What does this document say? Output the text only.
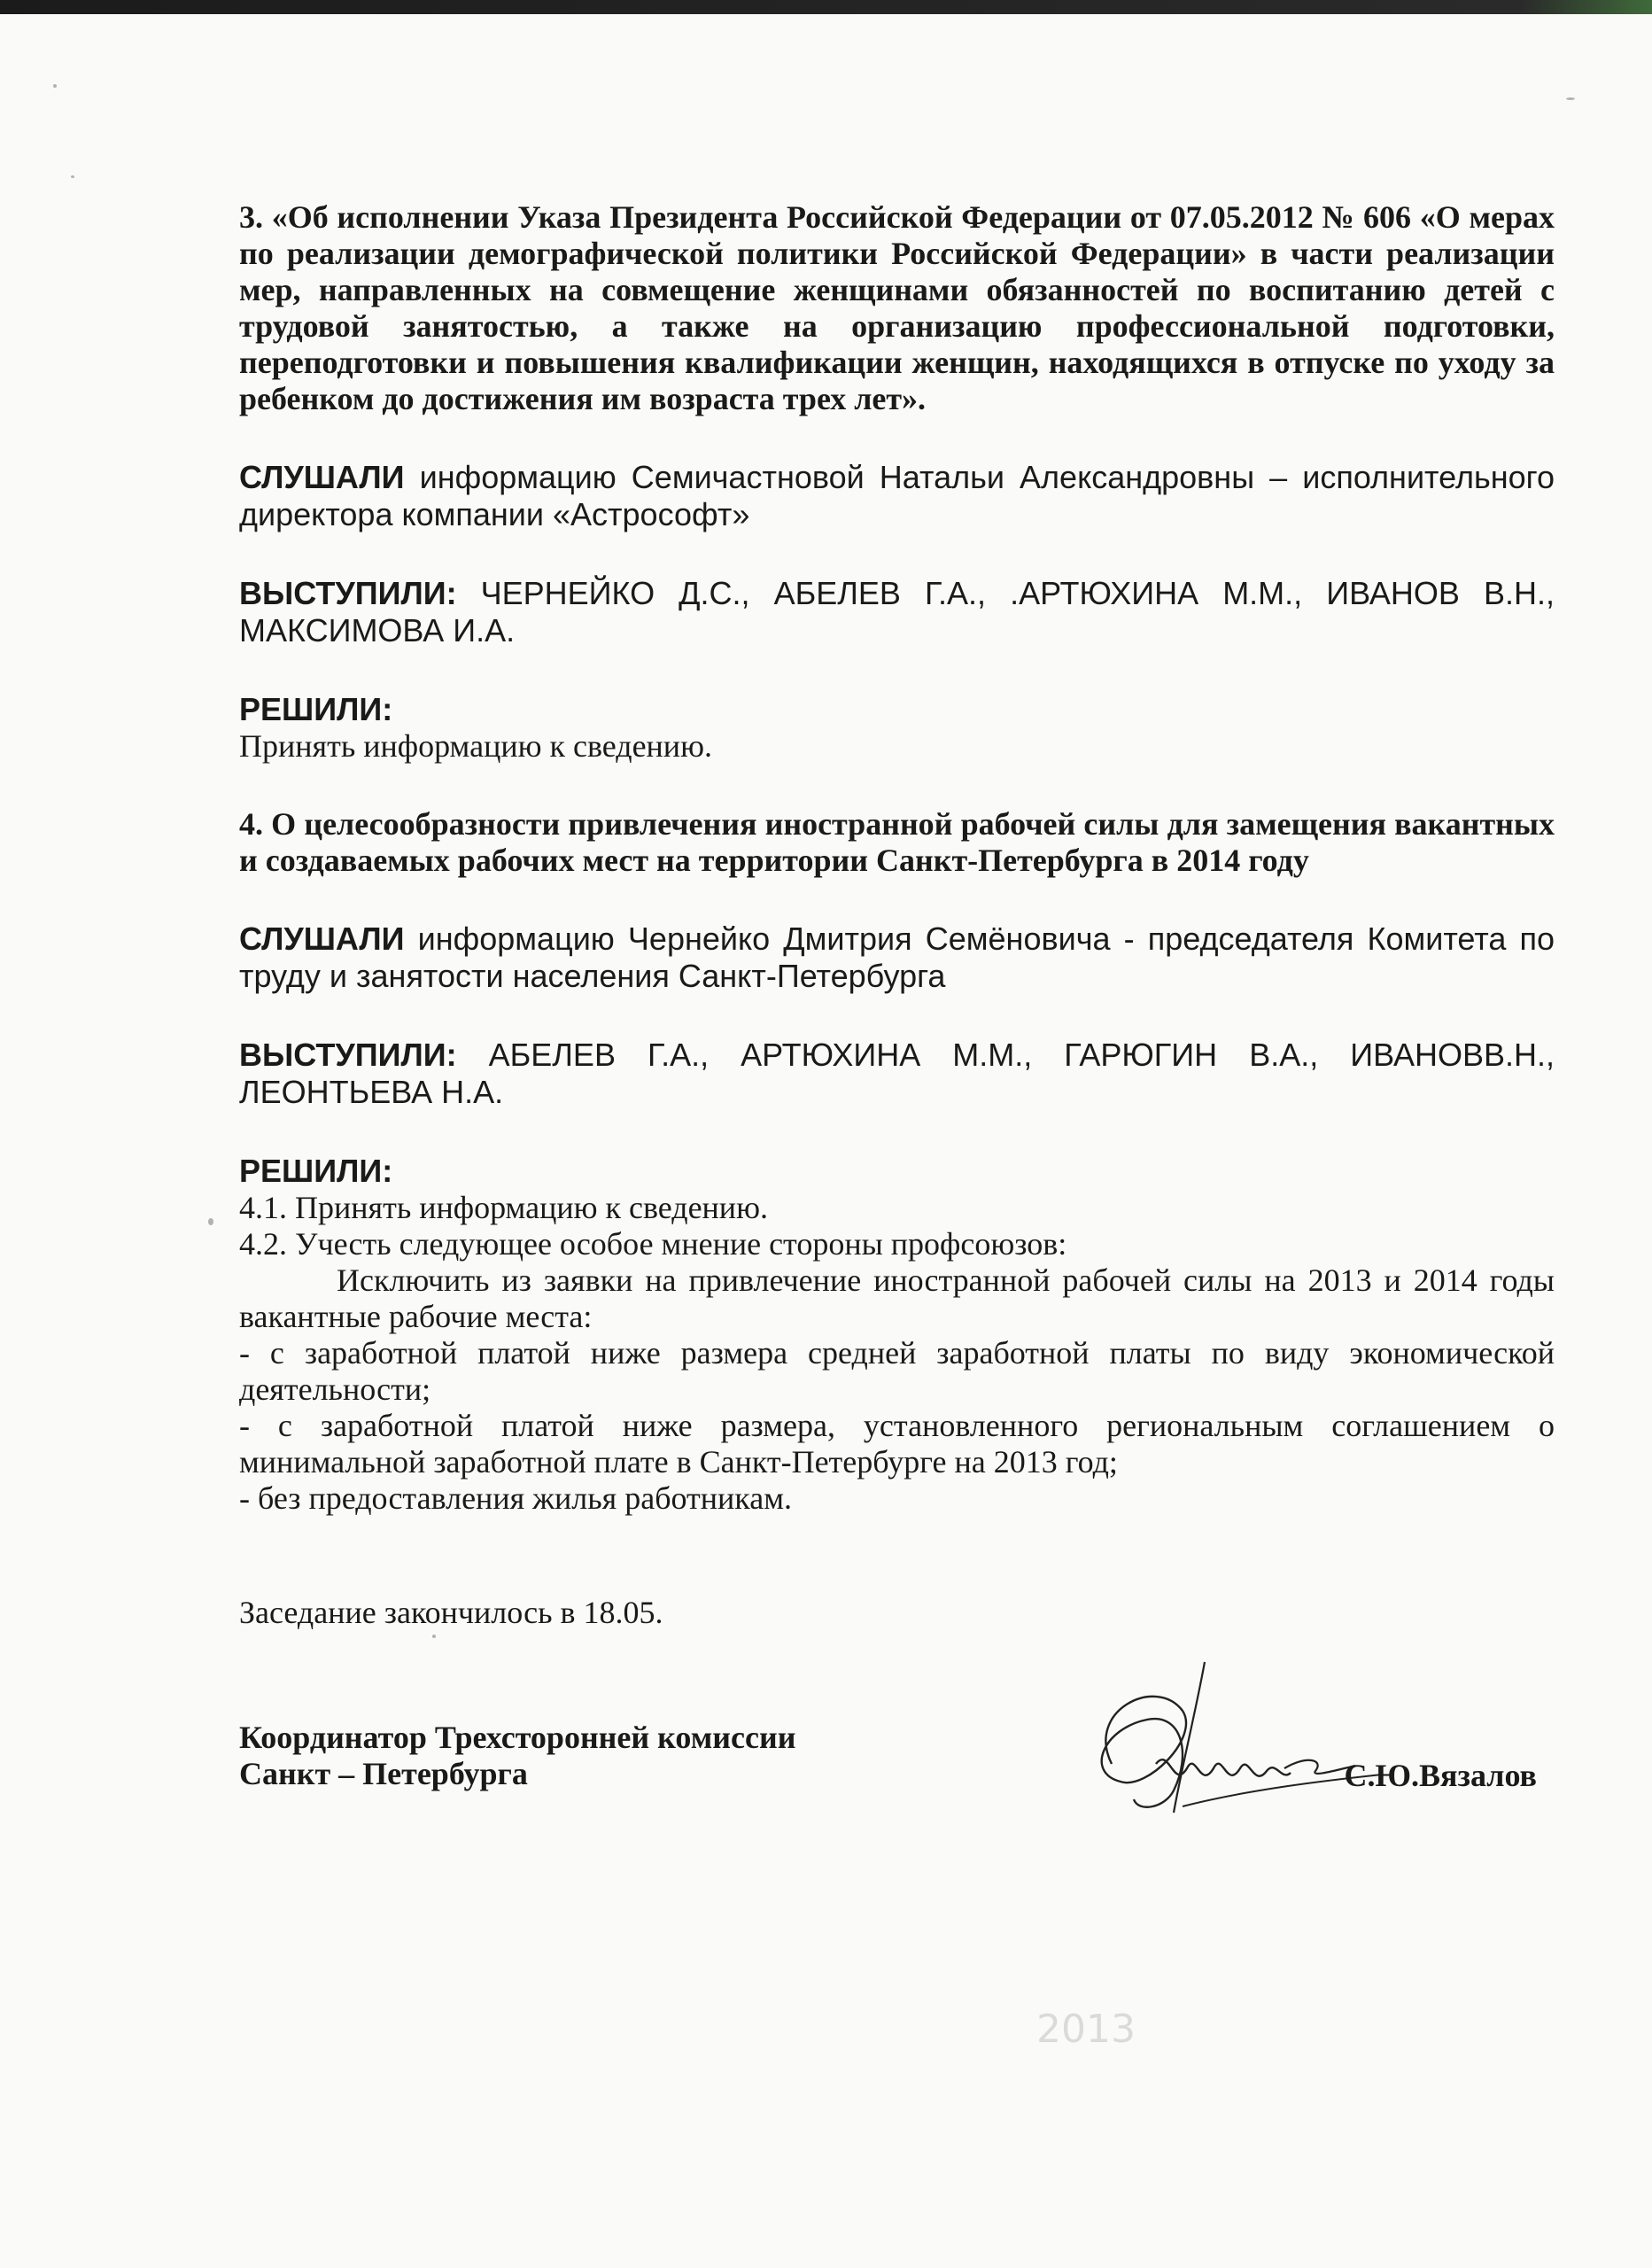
3. «Об исполнении Указа Президента Российской Федерации от 07.05.2012 № 606 «О мерах по реализации демографической политики Российской Федерации» в части реализации мер, направленных на совмещение женщинами обязанностей по воспитанию детей с трудовой занятостью, а также на организацию профессиональной подготовки, переподготовки и повышения квалификации женщин, находящихся в отпуске по уходу за ребенком до достижения им возраста трех лет».

СЛУШАЛИ информацию Семичастновой Натальи Александровны – исполнительного директора компании «Астрософт»

ВЫСТУПИЛИ: ЧЕРНЕЙКО Д.С., АБЕЛЕВ Г.А., .АРТЮХИНА М.М., ИВАНОВ В.Н., МАКСИМОВА И.А.

РЕШИЛИ:

Принять информацию к сведению.

4. О целесообразности привлечения иностранной рабочей силы для замещения вакантных и создаваемых рабочих мест на территории Санкт-Петербурга в 2014 году

СЛУШАЛИ информацию Чернейко Дмитрия Семёновича - председателя Комитета по труду и занятости населения Санкт-Петербурга

ВЫСТУПИЛИ: АБЕЛЕВ Г.А., АРТЮХИНА М.М., ГАРЮГИН В.А., ИВАНОВВ.Н., ЛЕОНТЬЕВА Н.А.

РЕШИЛИ:

4.1. Принять информацию к сведению.

4.2. Учесть следующее особое мнение стороны профсоюзов:

Исключить из заявки на привлечение иностранной рабочей силы на 2013 и 2014 годы вакантные рабочие места:

- с заработной платой ниже размера средней заработной платы по виду экономической деятельности;

- с заработной платой ниже размера, установленного региональным соглашением о минимальной заработной плате в Санкт-Петербурге на 2013 год;

- без предоставления жилья работникам.

Заседание закончилось в 18.05.

Координатор Трехсторонней комиссии
Санкт – Петербурга	С.Ю.Вязалов
2013
